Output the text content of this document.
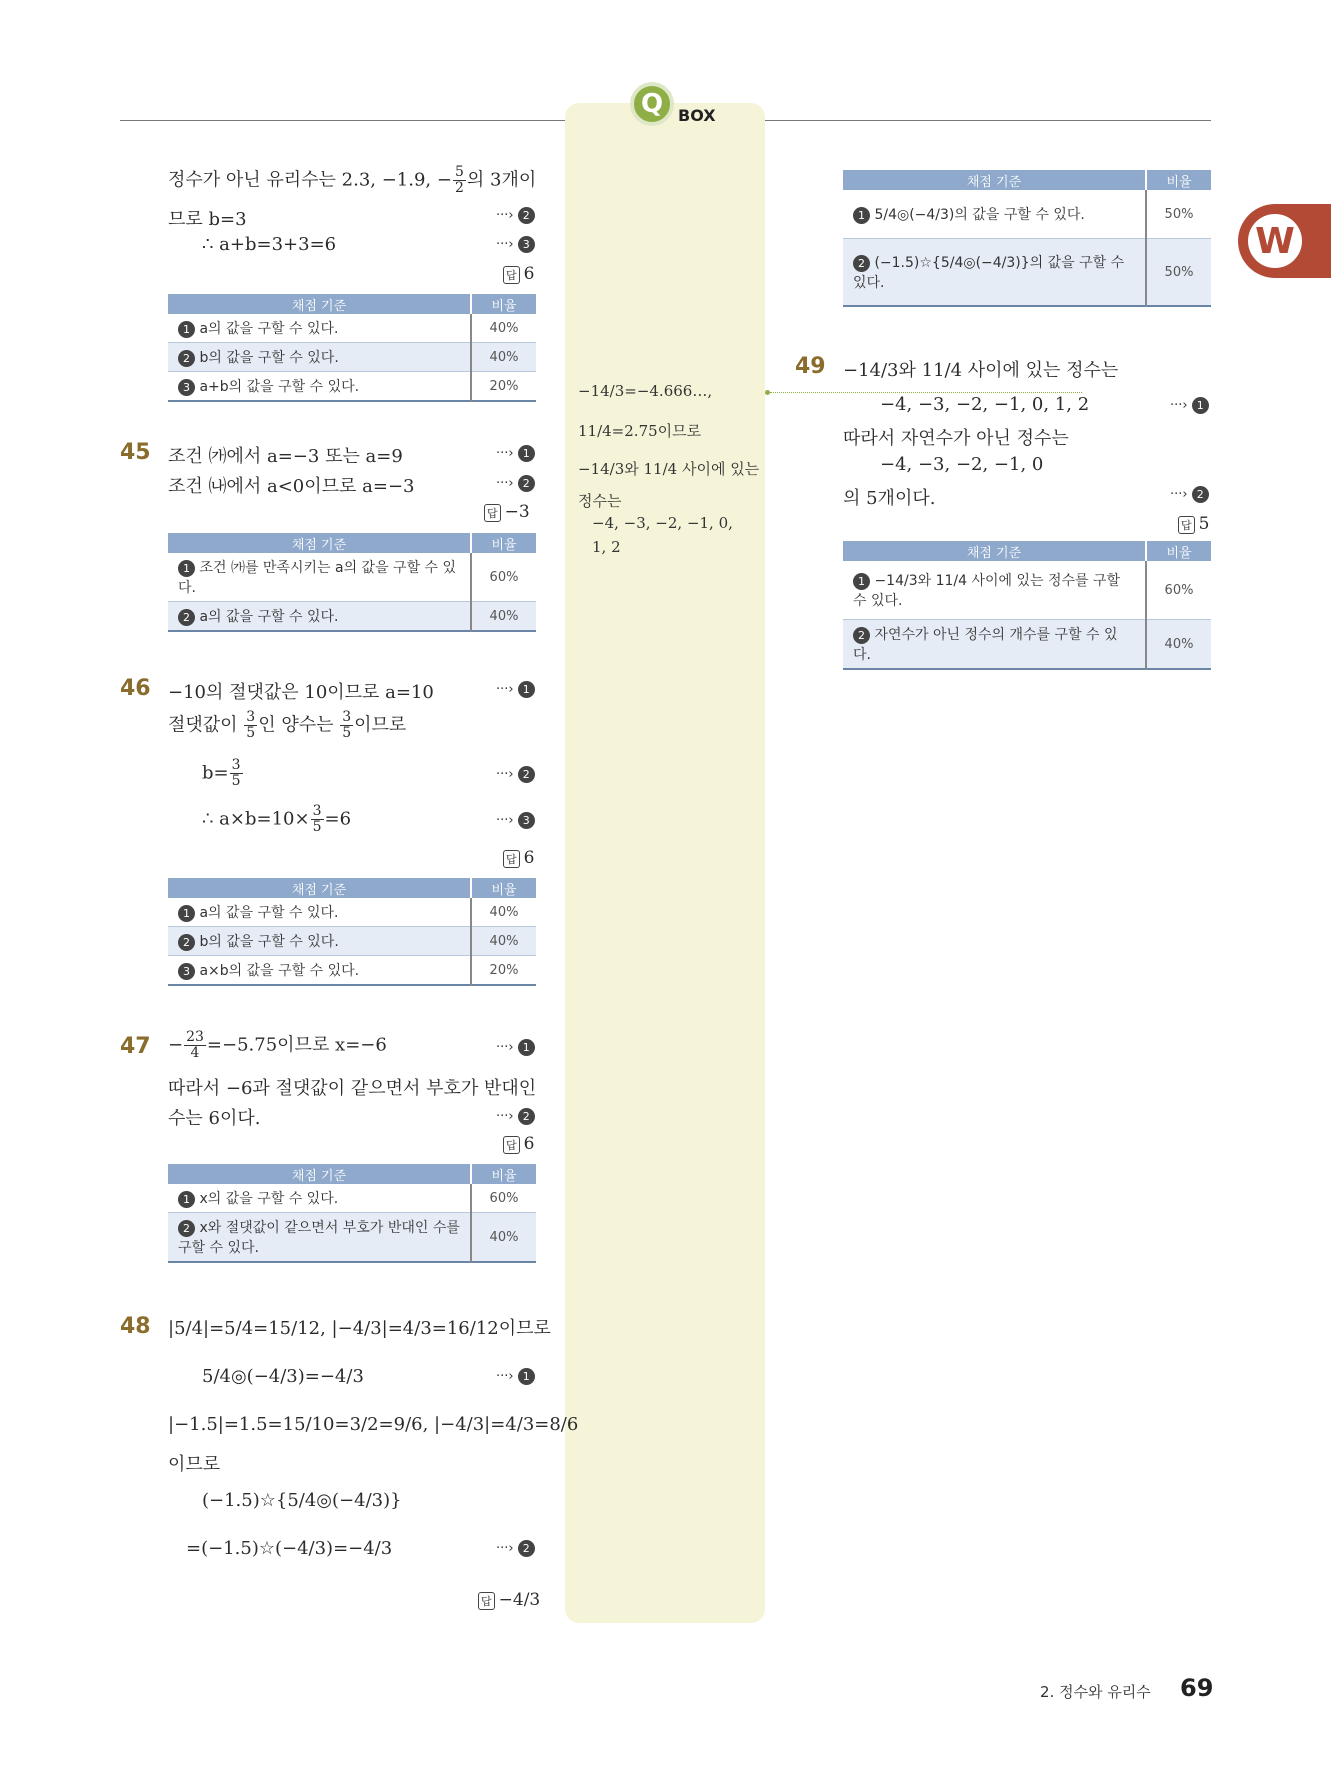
Q BOX
W
정수가 아닌 유리수는 2.3, −1.9, − $\frac{5}{2}$ 의 3개이
므로 b=3	···› 2
∴ a+b=3+3=6	···› 3
답 6
채점 기준	비율
1 a의 값을 구할 수 있다.	40%
2 b의 값을 구할 수 있다.	40%
3 a+b의 값을 구할 수 있다.	20%
45 조건 ㈎에서 a=−3 또는 a=9	···› 1
조건 ㈏에서 a<0이므로 a=−3	···› 2
답 −3
채점 기준	비율
1 조건 ㈎를 만족시키는 a의 값을 구할 수 있다.	60%
2 a의 값을 구할 수 있다.	40%
46 −10의 절댓값은 10이므로 a=10	···› 1
절댓값이 $\frac{3}{5}$ 인 양수는 $\frac{3}{5}$ 이므로
$b= \frac{3}{5}$	···› 2
∴ $a\times b=10\times \frac{3}{5} =6$	···› 3
답 6
채점 기준	비율
1 a의 값을 구할 수 있다.	40%
2 b의 값을 구할 수 있다.	40%
3 a×b의 값을 구할 수 있다.	20%
$47 - \frac{23}{4} =-5.75$이므로 x=−6	···› 1
따라서 −6과 절댓값이 같으면서 부호가 반대인
수는 6이다.	···› 2
답 6
채점 기준	비율
1 x의 값을 구할 수 있다.	60%
2 x와 절댓값이 같으면서 부호가 반대인 수를 구할 수 있다.	40%
48 |5/4|=5/4=15/12, |−4/3|=4/3=16/12이므로
5/4◎(−4/3)=−4/3	···› 1
|−1.5|=1.5=15/10=3/2=9/6, |−4/3|=4/3=8/6
이므로
(−1.5)☆{5/4◎(−4/3)}
=(−1.5)☆(−4/3)=−4/3	···› 2
답 −4/3
−14/3=−4.666…,
11/4=2.75이므로
−14/3와 11/4 사이에 있는
정수는
−4, −3, −2, −1, 0,
1, 2
채점 기준	비율
1 5/4◎(−4/3)의 값을 구할 수 있다.	50%
2 (−1.5)☆{5/4◎(−4/3)}의 값을 구할 수 있다.	50%
49 −14/3와 11/4 사이에 있는 정수는
−4, −3, −2, −1, 0, 1, 2	···› 1
따라서 자연수가 아닌 정수는
−4, −3, −2, −1, 0
의 5개이다.	···› 2
답 5
채점 기준	비율
1 −14/3와 11/4 사이에 있는 정수를 구할 수 있다.	60%
2 자연수가 아닌 정수의 개수를 구할 수 있다.	40%
2. 정수와 유리수 69
